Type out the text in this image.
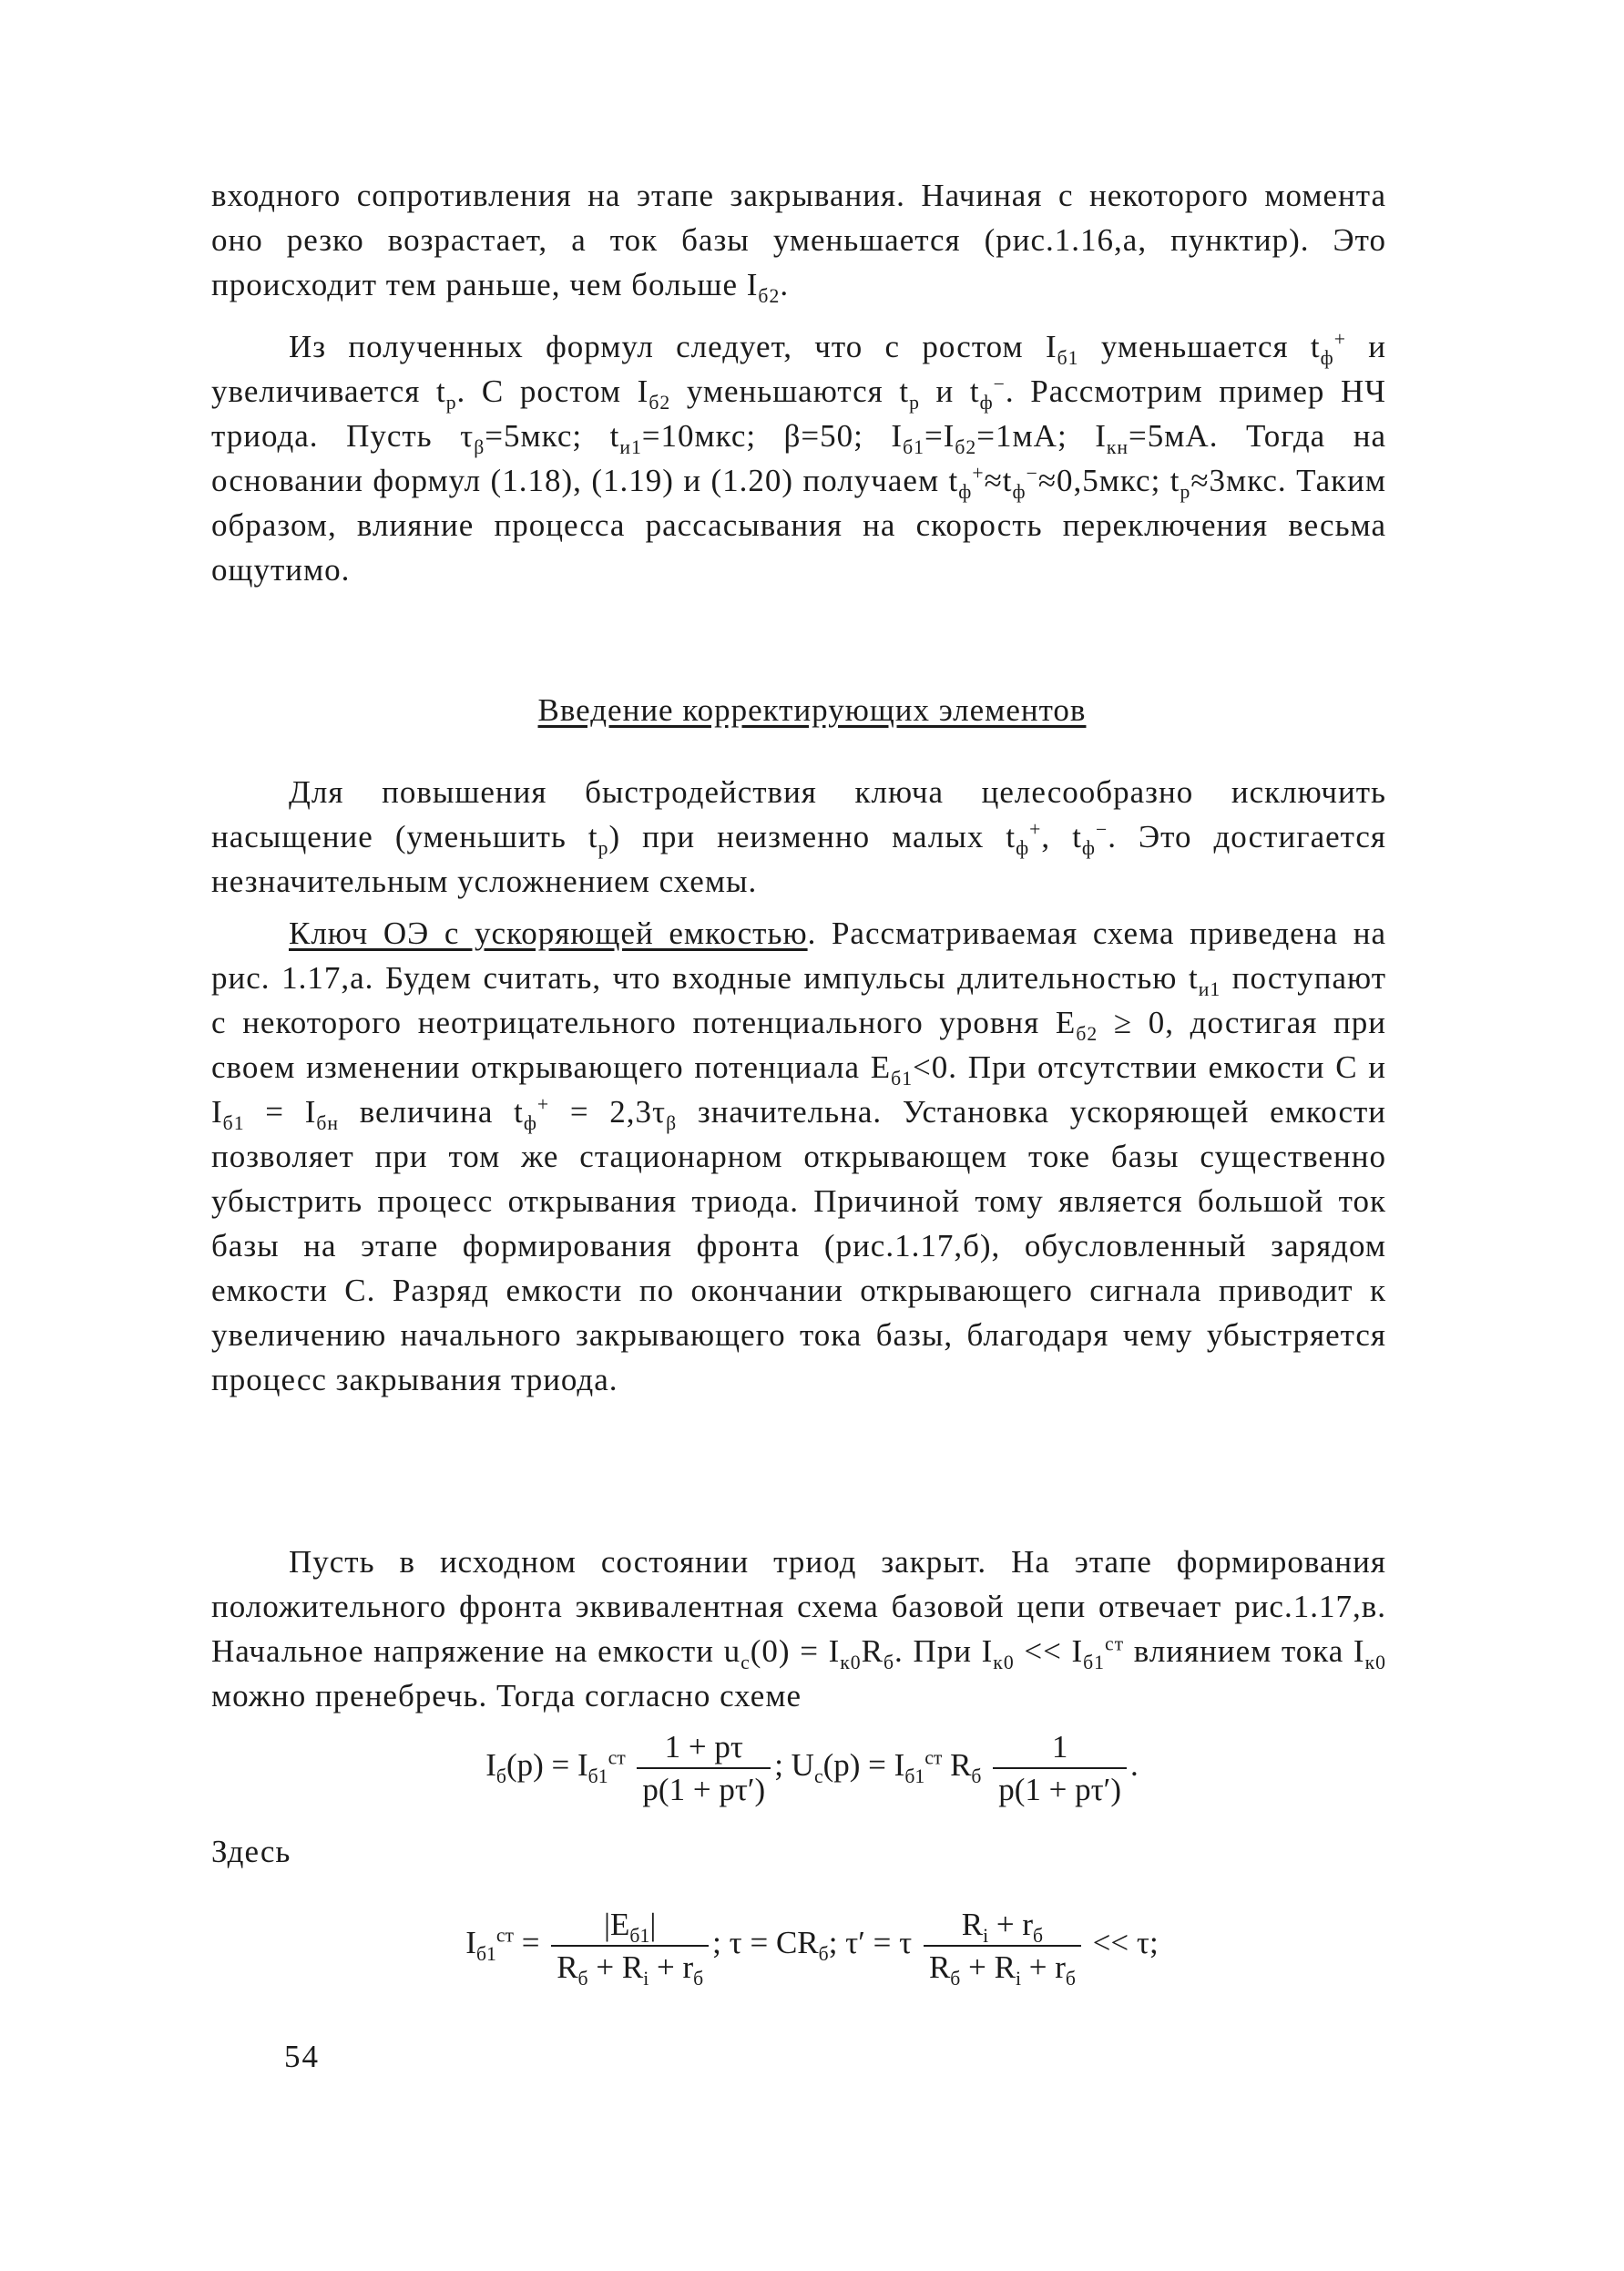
входного сопротивления на этапе закрывания. Начиная с некоторого момента оно резко возрастает, а ток базы уменьшается (рис.1.16,а, пунктир). Это происходит тем раньше, чем больше $I_{б2}$.

Из полученных формул следует, что с ростом $I_{б1}$ уменьшается $t_ф^+$ и увеличивается $t_р$. С ростом $I_{б2}$ уменьшаются $t_р$ и $t_ф^-$. Рассмотрим пример НЧ триода. Пусть $\tau_\beta=5мкс$; $t_{и1}=10мкс$; β=50; $I_{б1}=I_{б2}=1мА$; $I_{кн}=5мА$. Тогда на основании формул (1.18), (1.19) и (1.20) получаем $t_ф^+\approx t_ф^-\approx 0,5мкс$; $t_р\approx 3мкс$. Таким образом, влияние процесса рассасывания на скорость переключения весьма ощутимо.

Введение корректирующих элементов

Для повышения быстродействия ключа целесообразно исключить насыщение (уменьшить $t_р$) при неизменно малых $t_ф^+$, $t_ф^-$. Это достигается незначительным усложнением схемы.

Ключ ОЭ с ускоряющей емкостью. Рассматриваемая схема приведена на рис. 1.17,а. Будем считать, что входные импульсы длительностью $t_{и1}$ поступают с некоторого неотрицательного потенциального уровня $E_{б2} \ge 0$, достигая при своем изменении открывающего потенциала $E_{б1}<0$. При отсутствии емкости C и $I_{б1} = I_{бн}$ величина $t_ф^+ = 2,3\tau_\beta$ значительна. Установка ускоряющей емкости позволяет при том же стационарном открывающем токе базы существенно убыстрить процесс открывания триода. Причиной тому является большой ток базы на этапе формирования фронта (рис.1.17,б), обусловленный зарядом емкости C. Разряд емкости по окончании открывающего сигнала приводит к увеличению начального закрывающего тока базы, благодаря чему убыстряется процесс закрывания триода.

Пусть в исходном состоянии триод закрыт. На этапе формирования положительного фронта эквивалентная схема базовой цепи отвечает рис.1.17,в. Начальное напряжение на емкости $u_c(0) = I_{к0}R_б$. При $I_{к0} << I_{б1}^{ст}$ влиянием тока $I_{к0}$ можно пренебречь. Тогда согласно схеме

$I_б(p) = I_{б1}^{ст} \frac{1 + p\tau}{p(1 + p\tau')}$ ; $U_c(p) = I_{б1}^{ст}$ $R_б \frac{1}{p(1 + p\tau')}$ .

Здесь

$I_{б1}^{ст} = \frac{|E_{б1}|}{R_б + R_i + r_б}$ ; $\tau = CR_б$; τ′ = τ $\frac{R_i + r_б}{R_б + R_i + r_б} << \tau$;

54
